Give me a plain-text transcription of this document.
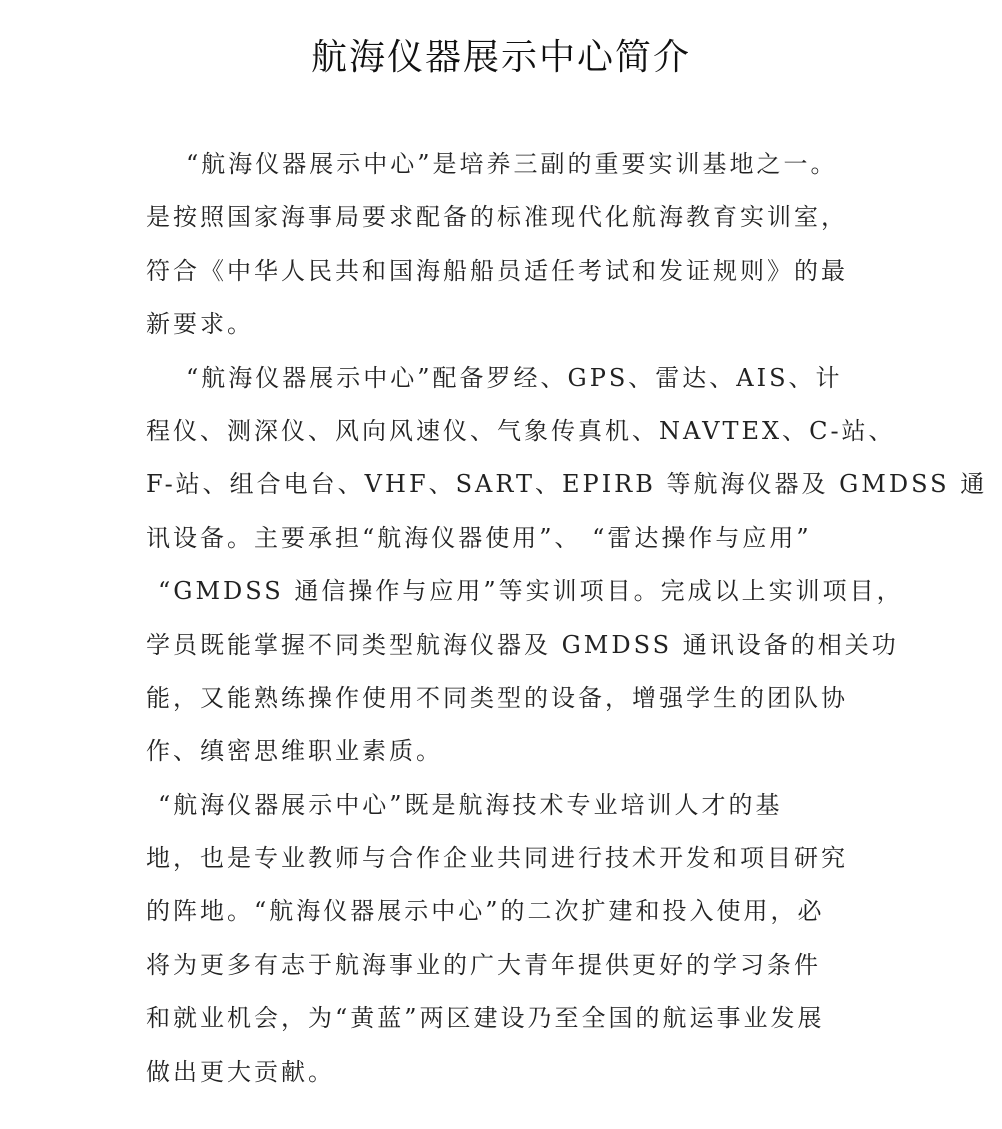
航海仪器展示中心简介

“航海仪器展示中心”是培养三副的重要实训基地之一。
是按照国家海事局要求配备的标准现代化航海教育实训室，
符合《中华人民共和国海船船员适任考试和发证规则》的最
新要求。

“航海仪器展示中心”配备罗经、GPS、雷达、AIS、计
程仪、测深仪、风向风速仪、气象传真机、NAVTEX、C-站、
F-站、组合电台、VHF、SART、EPIRB 等航海仪器及 GMDSS 通
讯设备。主要承担“航海仪器使用”、 “雷达操作与应用”
“GMDSS 通信操作与应用”等实训项目。完成以上实训项目，
学员既能掌握不同类型航海仪器及 GMDSS 通讯设备的相关功
能，又能熟练操作使用不同类型的设备，增强学生的团队协
作、缜密思维职业素质。

“航海仪器展示中心”既是航海技术专业培训人才的基
地，也是专业教师与合作企业共同进行技术开发和项目研究
的阵地。“航海仪器展示中心”的二次扩建和投入使用，必
将为更多有志于航海事业的广大青年提供更好的学习条件
和就业机会，为“黄蓝”两区建设乃至全国的航运事业发展
做出更大贡献。
